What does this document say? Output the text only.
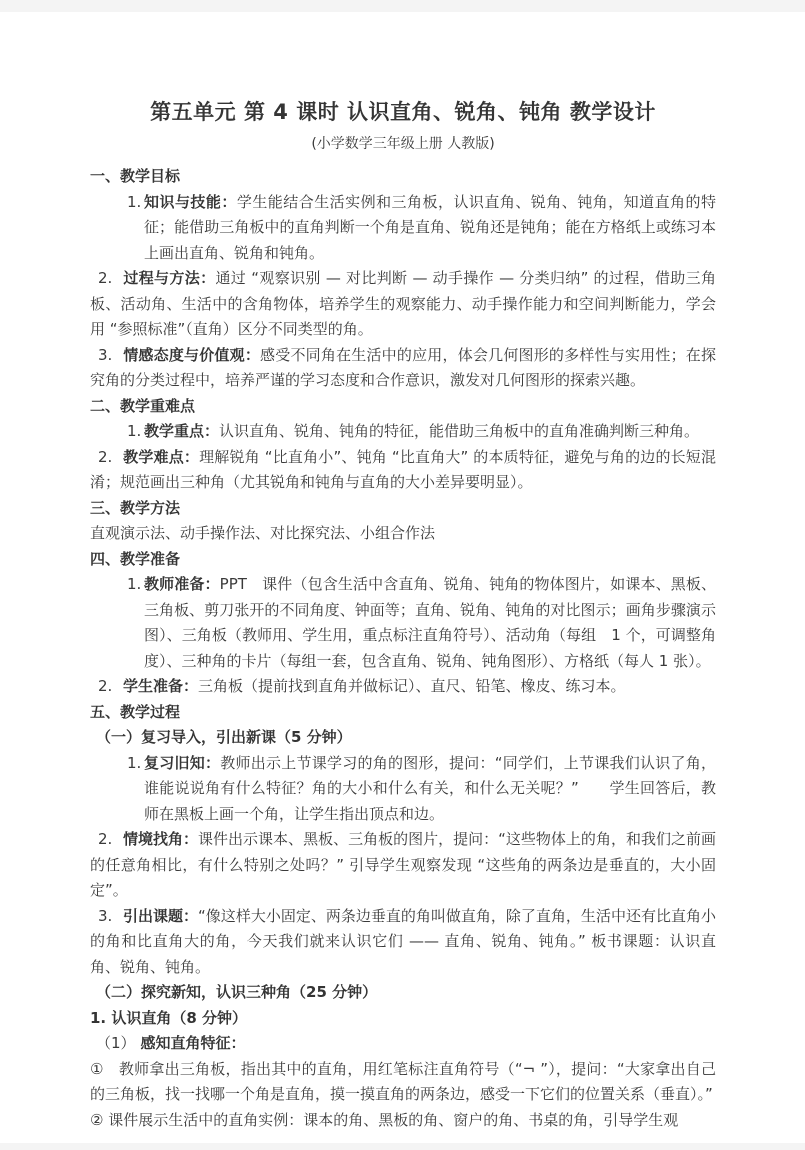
第五单元 第 4 课时 认识直角、锐角、钝角 教学设计

(小学数学三年级上册 人教版)

一、教学目标

1. 知识与技能：学生能结合生活实例和三角板，认识直角、锐角、钝角，知道直角的特征；能借助三角板中的直角判断一个角是直角、锐角还是钝角；能在方格纸上或练习本上画出直角、锐角和钝角。

2. 过程与方法：通过 “观察识别 — 对比判断 — 动手操作 — 分类归纳” 的过程，借助三角板、活动角、生活中的含角物体，培养学生的观察能力、动手操作能力和空间判断能力，学会用 “参照标准”（直角）区分不同类型的角。

3. 情感态度与价值观：感受不同角在生活中的应用，体会几何图形的多样性与实用性；在探究角的分类过程中，培养严谨的学习态度和合作意识，激发对几何图形的探索兴趣。

二、教学重难点

1. 教学重点：认识直角、锐角、钝角的特征，能借助三角板中的直角准确判断三种角。

2. 教学难点：理解锐角 “比直角小”、钝角 “比直角大” 的本质特征，避免与角的边的长短混淆；规范画出三种角（尤其锐角和钝角与直角的大小差异要明显）。

三、教学方法

直观演示法、动手操作法、对比探究法、小组合作法

四、教学准备

1. 教师准备：PPT　课件（包含生活中含直角、锐角、钝角的物体图片，如课本、黑板、三角板、剪刀张开的不同角度、钟面等；直角、锐角、钝角的对比图示；画角步骤演示图）、三角板（教师用、学生用，重点标注直角符号）、活动角（每组　1 个，可调整角度）、三种角的卡片（每组一套，包含直角、锐角、钝角图形）、方格纸（每人 1 张）。

2. 学生准备：三角板（提前找到直角并做标记）、直尺、铅笔、橡皮、练习本。

五、教学过程

（一）复习导入，引出新课（5 分钟）

1. 复习旧知：教师出示上节课学习的角的图形，提问：“同学们，上节课我们认识了角，谁能说说角有什么特征？角的大小和什么有关，和什么无关呢？”　　学生回答后，教师在黑板上画一个角，让学生指出顶点和边。

2. 情境找角：课件出示课本、黑板、三角板的图片，提问：“这些物体上的角，和我们之前画的任意角相比，有什么特别之处吗？” 引导学生观察发现 “这些角的两条边是垂直的，大小固定”。

3. 引出课题：“像这样大小固定、两条边垂直的角叫做直角，除了直角，生活中还有比直角小的角和比直角大的角，今天我们就来认识它们 —— 直角、锐角、钝角。” 板书课题：认识直角、锐角、钝角。

（二）探究新知，认识三种角（25 分钟）

1. 认识直角（8 分钟）

（1） 感知直角特征：

①　教师拿出三角板，指出其中的直角，用红笔标注直角符号（“¬ ”），提问：“大家拿出自己的三角板，找一找哪一个角是直角，摸一摸直角的两条边，感受一下它们的位置关系（垂直）。”

② 课件展示生活中的直角实例：课本的角、黑板的角、窗户的角、书桌的角，引导学生观
